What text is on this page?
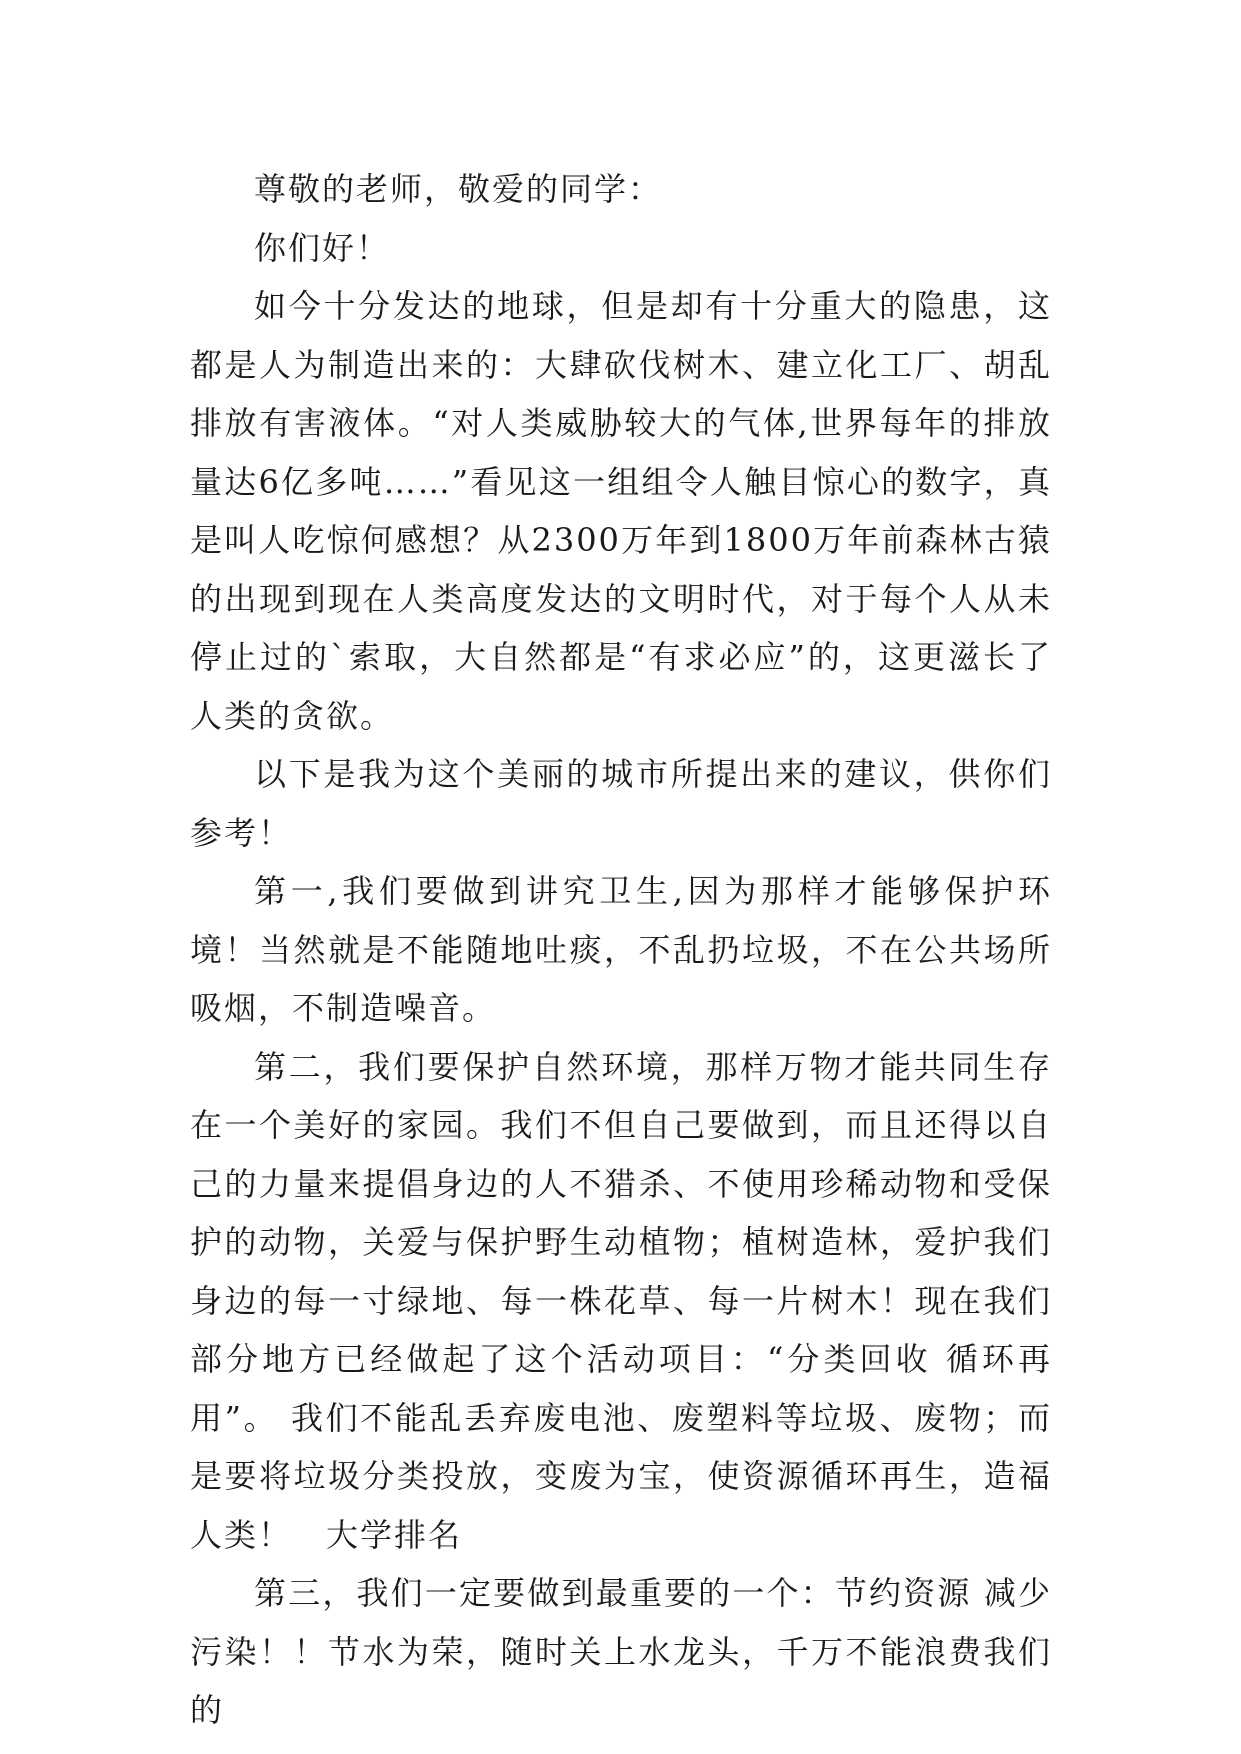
尊敬的老师，敬爱的同学：

你们好！

如今十分发达的地球，但是却有十分重大的隐患，这都是人为制造出来的：大肆砍伐树木、建立化工厂、胡乱排放有害液体。“对人类威胁较大的气体,世界每年的排放量达6亿多吨……”看见这一组组令人触目惊心的数字，真是叫人吃惊何感想？从2300万年到1800万年前森林古猿的出现到现在人类高度发达的文明时代，对于每个人从未停止过的`索取，大自然都是“有求必应”的，这更滋长了人类的贪欲。

以下是我为这个美丽的城市所提出来的建议，供你们参考！

第一,我们要做到讲究卫生,因为那样才能够保护环境！当然就是不能随地吐痰，不乱扔垃圾，不在公共场所吸烟，不制造噪音。

第二，我们要保护自然环境，那样万物才能共同生存在一个美好的家园。我们不但自己要做到，而且还得以自己的力量来提倡身边的人不猎杀、不使用珍稀动物和受保护的动物，关爱与保护野生动植物；植树造林，爱护我们身边的每一寸绿地、每一株花草、每一片树木！现在我们部分地方已经做起了这个活动项目：“分类回收 循环再用”。 我们不能乱丢弃废电池、废塑料等垃圾、废物；而是要将垃圾分类投放，变废为宝，使资源循环再生，造福人类！　大学排名

第三，我们一定要做到最重要的一个：节约资源 减少污染！！节水为荣，随时关上水龙头，千万不能浪费我们的
